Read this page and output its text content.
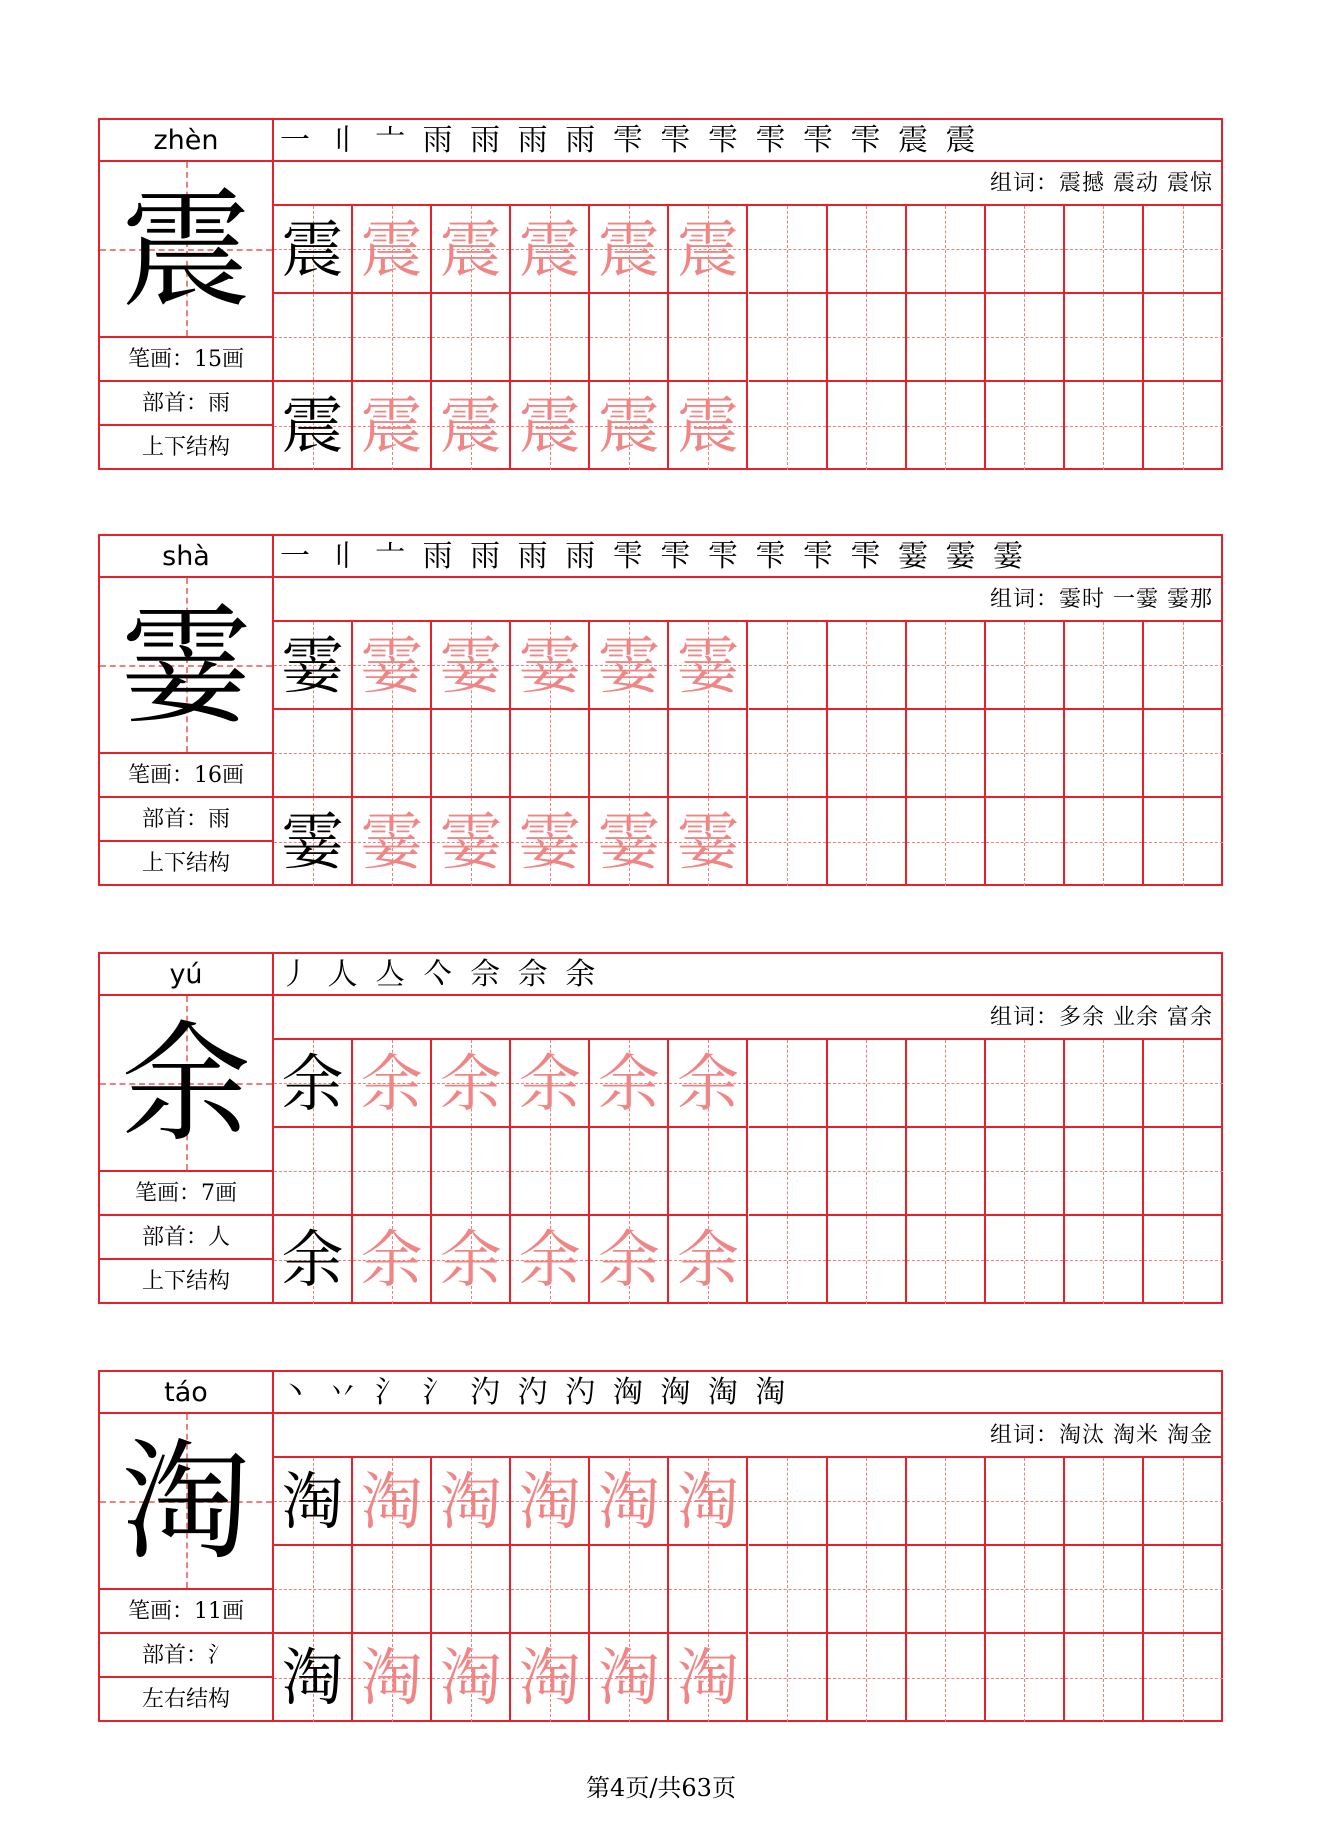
zhèn
震
笔画：15画
部首：雨
上下结构
一 〢 〦 ⾬ ⾬ ⾬ ⾬ 雫 雫 雫 雫 雫 雫 震 震
组词：震撼 震动 震惊
震 震 震 震 震 震
震 震 震 震 震 震
shà
霎
笔画：16画
部首：雨
上下结构
一 〢 〦 ⾬ ⾬ ⾬ ⾬ 雫 雫 雫 雫 雫 雫 霎 霎 霎
组词：霎时 一霎 霎那
霎 霎 霎 霎 霎 霎
霎 霎 霎 霎 霎 霎
yú
余
笔画：7画
部首：人
上下结构
丿 人 亼 亽 佘 佘 余
组词：多余 业余 富余
余 余 余 余 余 余
余 余 余 余 余 余
táo
淘
笔画：11画
部首：氵
左右结构
丶 丷 氵 氵 汋 汋 汋 洶 洶 淘 淘
组词：淘汰 淘米 淘金
淘 淘 淘 淘 淘 淘
淘 淘 淘 淘 淘 淘
第4页/共63页
